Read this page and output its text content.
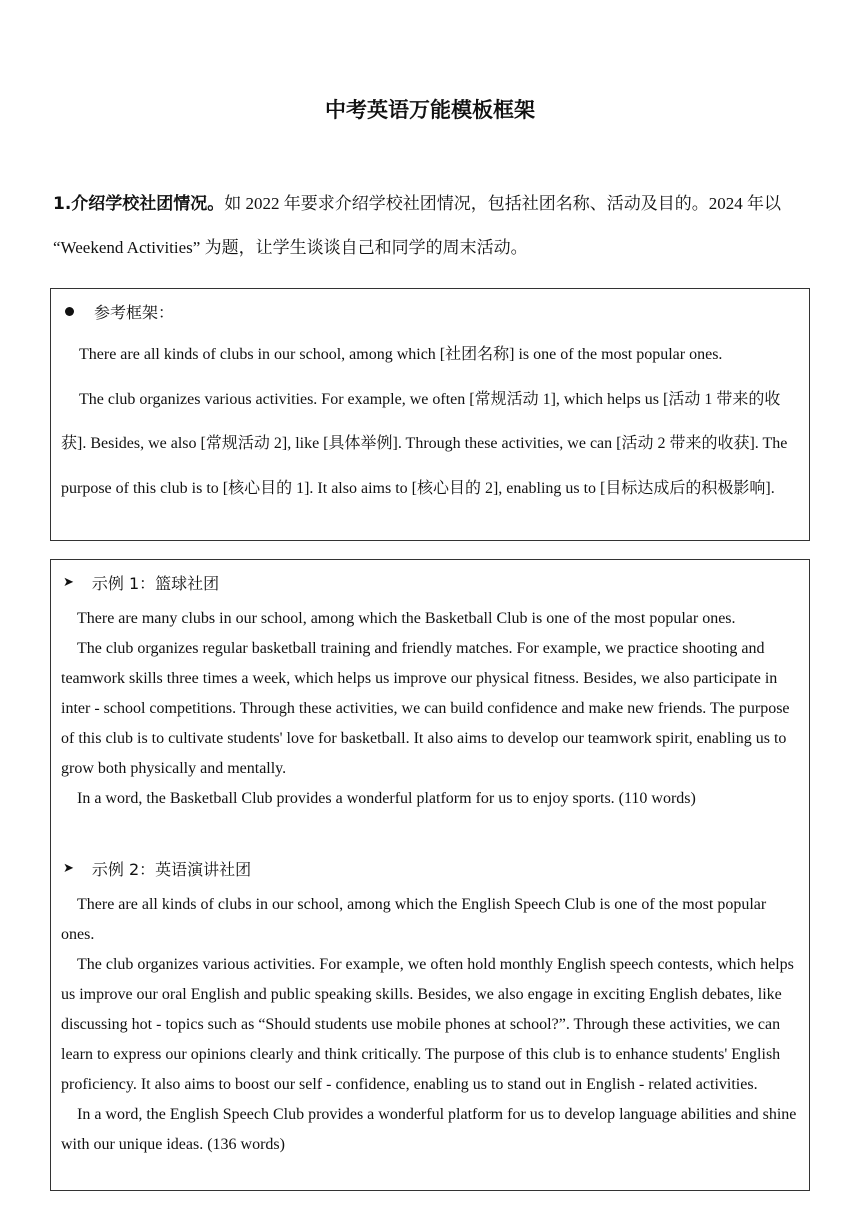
中考英语万能模板框架
1.介绍学校社团情况。如 2022 年要求介绍学校社团情况，包括社团名称、活动及目的。2024 年以 “Weekend Activities” 为题，让学生谈谈自己和同学的周末活动。
参考框架：

There are all kinds of clubs in our school, among which [社团名称] is one of the most popular ones.

The club organizes various activities. For example, we often [常规活动 1], which helps us [活动 1 带来的收获]. Besides, we also [常规活动 2], like [具体举例]. Through these activities, we can [活动 2 带来的收获]. The purpose of this club is to [核心目的 1]. It also aims to [核心目的 2], enabling us to [目标达成后的积极影响].

➤ 示例 1：篮球社团

There are many clubs in our school, among which the Basketball Club is one of the most popular ones.

The club organizes regular basketball training and friendly matches. For example, we practice shooting and teamwork skills three times a week, which helps us improve our physical fitness. Besides, we also participate in inter - school competitions. Through these activities, we can build confidence and make new friends. The purpose of this club is to cultivate students' love for basketball. It also aims to develop our teamwork spirit, enabling us to grow both physically and mentally.

In a word, the Basketball Club provides a wonderful platform for us to enjoy sports. (110 words)

➤ 示例 2：英语演讲社团

There are all kinds of clubs in our school, among which the English Speech Club is one of the most popular ones.

The club organizes various activities. For example, we often hold monthly English speech contests, which helps us improve our oral English and public speaking skills. Besides, we also engage in exciting English debates, like discussing hot - topics such as “Should students use mobile phones at school?”. Through these activities, we can learn to express our opinions clearly and think critically. The purpose of this club is to enhance students' English proficiency. It also aims to boost our self - confidence, enabling us to stand out in English - related activities.

In a word, the English Speech Club provides a wonderful platform for us to develop language abilities and shine with our unique ideas. (136 words)
